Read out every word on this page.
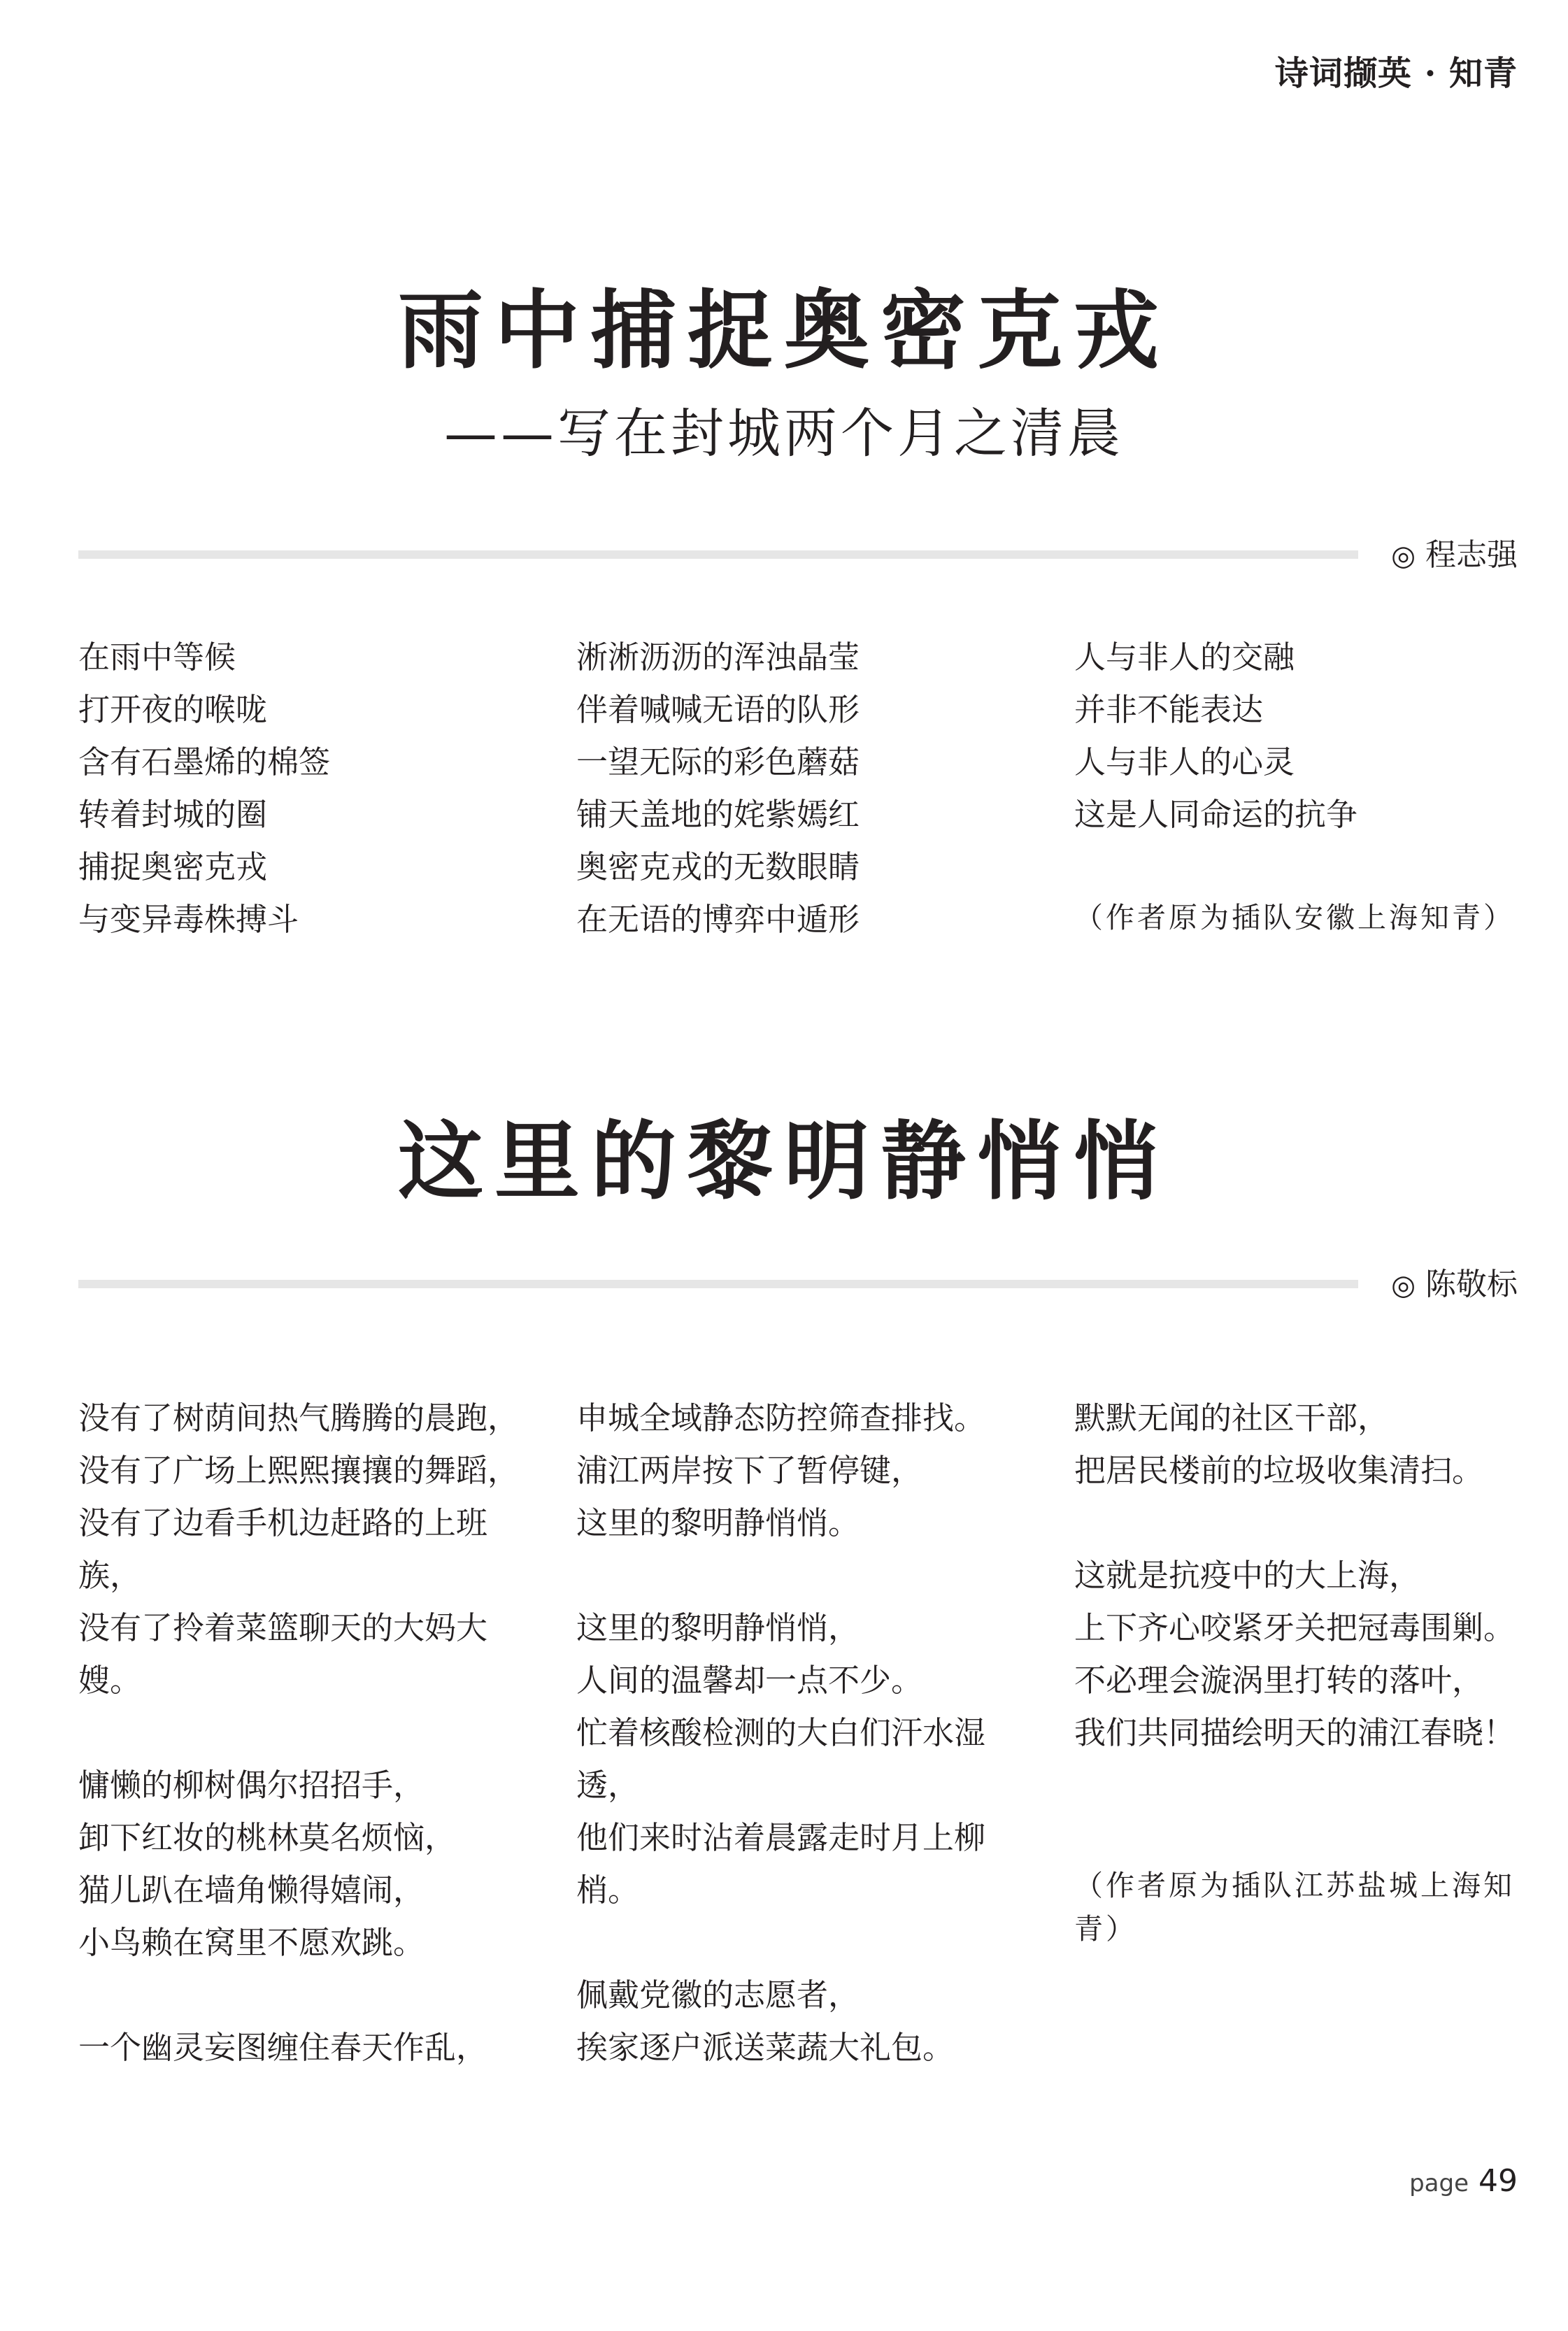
诗词撷英 · 知青
雨中捕捉奥密克戎
——写在封城两个月之清晨
◎ 程志强
在雨中等候
打开夜的喉咙
含有石墨烯的棉签
转着封城的圈
捕捉奥密克戎
与变异毒株搏斗
淅淅沥沥的浑浊晶莹
伴着喊喊无语的队形
一望无际的彩色蘑菇
铺天盖地的姹紫嫣红
奥密克戎的无数眼睛
在无语的博弈中遁形
人与非人的交融
并非不能表达
人与非人的心灵
这是人同命运的抗争
（作者原为插队安徽上海知青）
这里的黎明静悄悄
◎ 陈敬标
没有了树荫间热气腾腾的晨跑，
没有了广场上熙熙攘攘的舞蹈，
没有了边看手机边赶路的上班族，
没有了拎着菜篮聊天的大妈大嫂。
慵懒的柳树偶尔招招手，
卸下红妆的桃林莫名烦恼，
猫儿趴在墙角懒得嬉闹，
小鸟赖在窝里不愿欢跳。
一个幽灵妄图缠住春天作乱，
申城全域静态防控筛查排找。
浦江两岸按下了暂停键，
这里的黎明静悄悄。
这里的黎明静悄悄，
人间的温馨却一点不少。
忙着核酸检测的大白们汗水湿透，
他们来时沾着晨露走时月上柳梢。
佩戴党徽的志愿者，
挨家逐户派送菜蔬大礼包。
默默无闻的社区干部，
把居民楼前的垃圾收集清扫。
这就是抗疫中的大上海，
上下齐心咬紧牙关把冠毒围剿。
不必理会漩涡里打转的落叶，
我们共同描绘明天的浦江春晓！
（作者原为插队江苏盐城上海知青）
page 49
